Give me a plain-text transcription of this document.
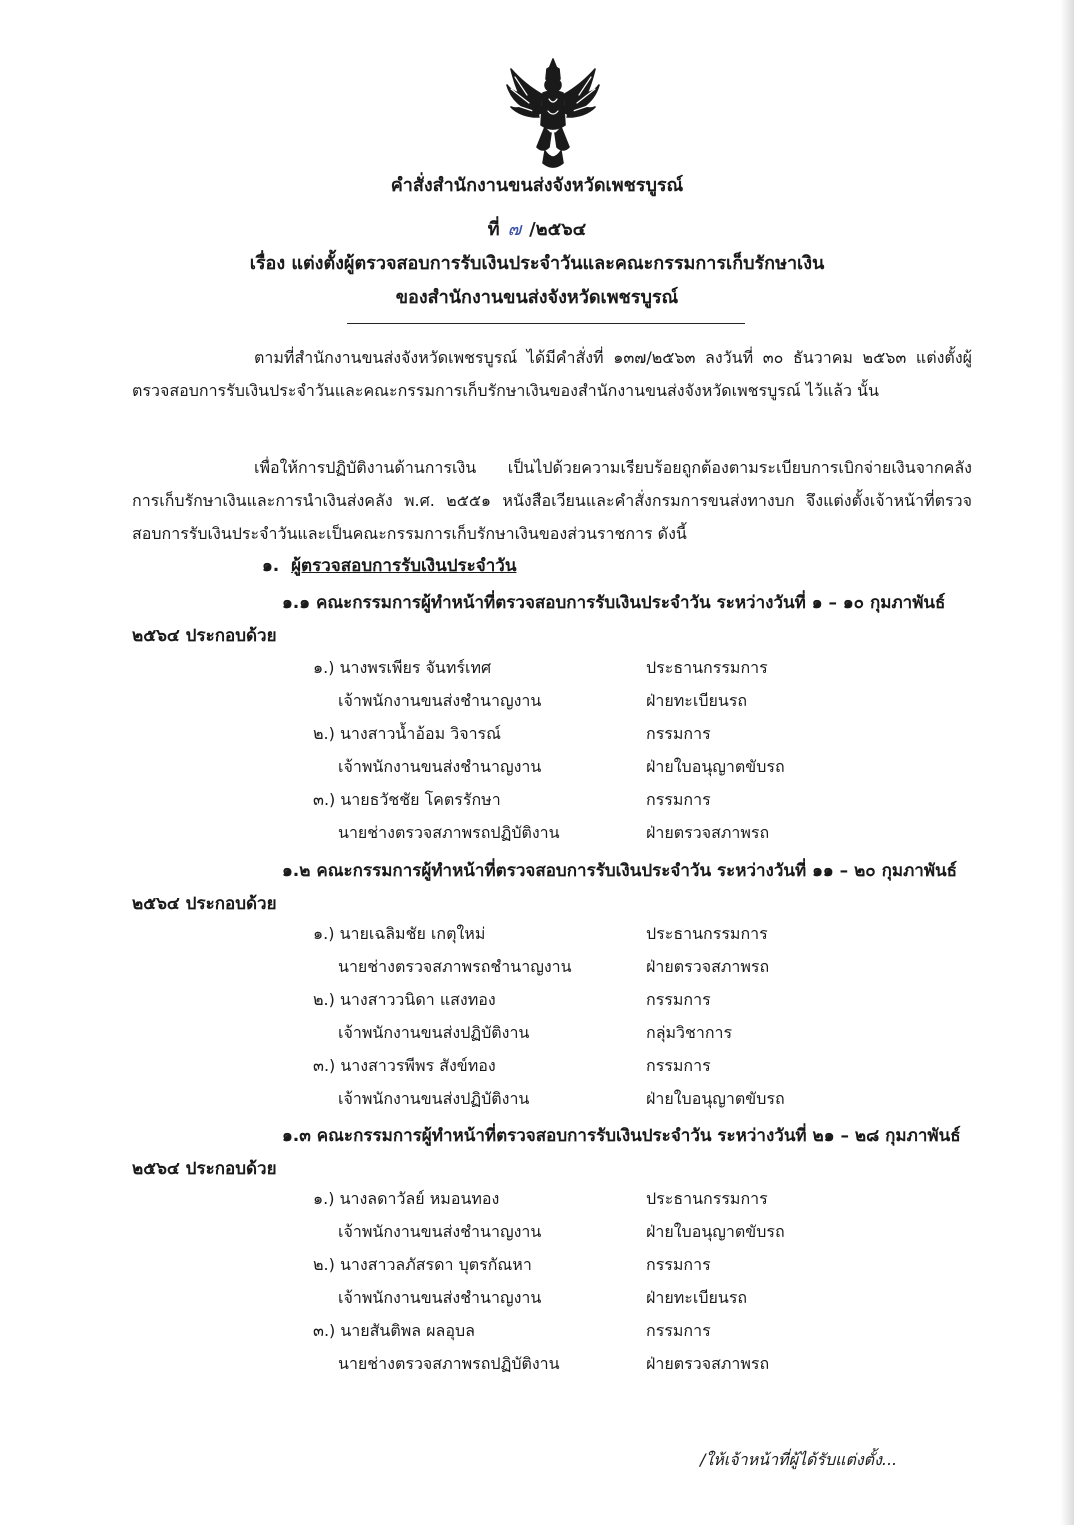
คำสั่งสำนักงานขนส่งจังหวัดเพชรบูรณ์
ที่ ๗ /๒๕๖๔
เรื่อง แต่งตั้งผู้ตรวจสอบการรับเงินประจำวันและคณะกรรมการเก็บรักษาเงิน
ของสำนักงานขนส่งจังหวัดเพชรบูรณ์
ตามที่สำนักงานขนส่งจังหวัดเพชรบูรณ์ ได้มีคำสั่งที่ ๑๓๗/๒๕๖๓ ลงวันที่ ๓๐ ธันวาคม ๒๕๖๓ แต่งตั้งผู้ตรวจสอบการรับเงินประจำวันและคณะกรรมการเก็บรักษาเงินของสำนักงานขนส่งจังหวัดเพชรบูรณ์ ไว้แล้ว นั้น
เพื่อให้การปฏิบัติงานด้านการเงิน เป็นไปด้วยความเรียบร้อยถูกต้องตามระเบียบการเบิกจ่ายเงินจากคลัง การเก็บรักษาเงินและการนำเงินส่งคลัง พ.ศ. ๒๕๕๑ หนังสือเวียนและคำสั่งกรมการขนส่งทางบก จึงแต่งตั้งเจ้าหน้าที่ตรวจสอบการรับเงินประจำวันและเป็นคณะกรรมการเก็บรักษาเงินของส่วนราชการ ดังนี้
๑. ผู้ตรวจสอบการรับเงินประจำวัน
๑.๑ คณะกรรมการผู้ทำหน้าที่ตรวจสอบการรับเงินประจำวัน ระหว่างวันที่ ๑ – ๑๐ กุมภาพันธ์ ๒๕๖๔ ประกอบด้วย
๑.) นางพรเพียร จันทร์เทศ	ประธานกรรมการ
เจ้าพนักงานขนส่งชำนาญงาน	ฝ่ายทะเบียนรถ
๒.) นางสาวน้ำอ้อม วิจารณ์	กรรมการ
เจ้าพนักงานขนส่งชำนาญงาน	ฝ่ายใบอนุญาตขับรถ
๓.) นายธวัชชัย โคตรรักษา	กรรมการ
นายช่างตรวจสภาพรถปฏิบัติงาน	ฝ่ายตรวจสภาพรถ
๑.๒ คณะกรรมการผู้ทำหน้าที่ตรวจสอบการรับเงินประจำวัน ระหว่างวันที่ ๑๑ – ๒๐ กุมภาพันธ์ ๒๕๖๔ ประกอบด้วย
๑.) นายเฉลิมชัย เกตุใหม่	ประธานกรรมการ
นายช่างตรวจสภาพรถชำนาญงาน	ฝ่ายตรวจสภาพรถ
๒.) นางสาววนิดา แสงทอง	กรรมการ
เจ้าพนักงานขนส่งปฏิบัติงาน	กลุ่มวิชาการ
๓.) นางสาวรพีพร สังข์ทอง	กรรมการ
เจ้าพนักงานขนส่งปฏิบัติงาน	ฝ่ายใบอนุญาตขับรถ
๑.๓ คณะกรรมการผู้ทำหน้าที่ตรวจสอบการรับเงินประจำวัน ระหว่างวันที่ ๒๑ – ๒๘ กุมภาพันธ์ ๒๕๖๔ ประกอบด้วย
๑.) นางลดาวัลย์ หมอนทอง	ประธานกรรมการ
เจ้าพนักงานขนส่งชำนาญงาน	ฝ่ายใบอนุญาตขับรถ
๒.) นางสาวลภัสรดา บุตรกัณหา	กรรมการ
เจ้าพนักงานขนส่งชำนาญงาน	ฝ่ายทะเบียนรถ
๓.) นายสันติพล ผลอุบล	กรรมการ
นายช่างตรวจสภาพรถปฏิบัติงาน	ฝ่ายตรวจสภาพรถ
/ให้เจ้าหน้าที่ผู้ได้รับแต่งตั้ง...
